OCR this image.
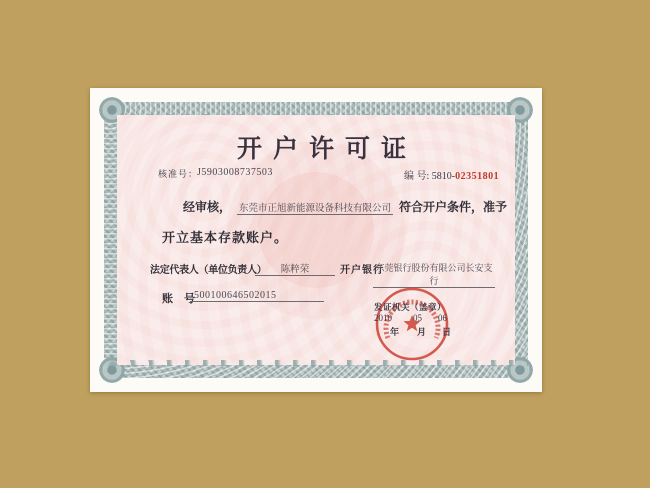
开户许可证
核准号：
J5903008737503	编 号: 5810-02351801
经审核， 东莞市正旭新能源设备科技有限公司 符合开户条件，准予
开立基本存款账户。
法定代表人（单位负责人）	陈粹荣	开户银行
东莞银行股份有限公司长安支行
账　号 500100646502015
发证机关（盖章）
2010 05 06
年 月 日
